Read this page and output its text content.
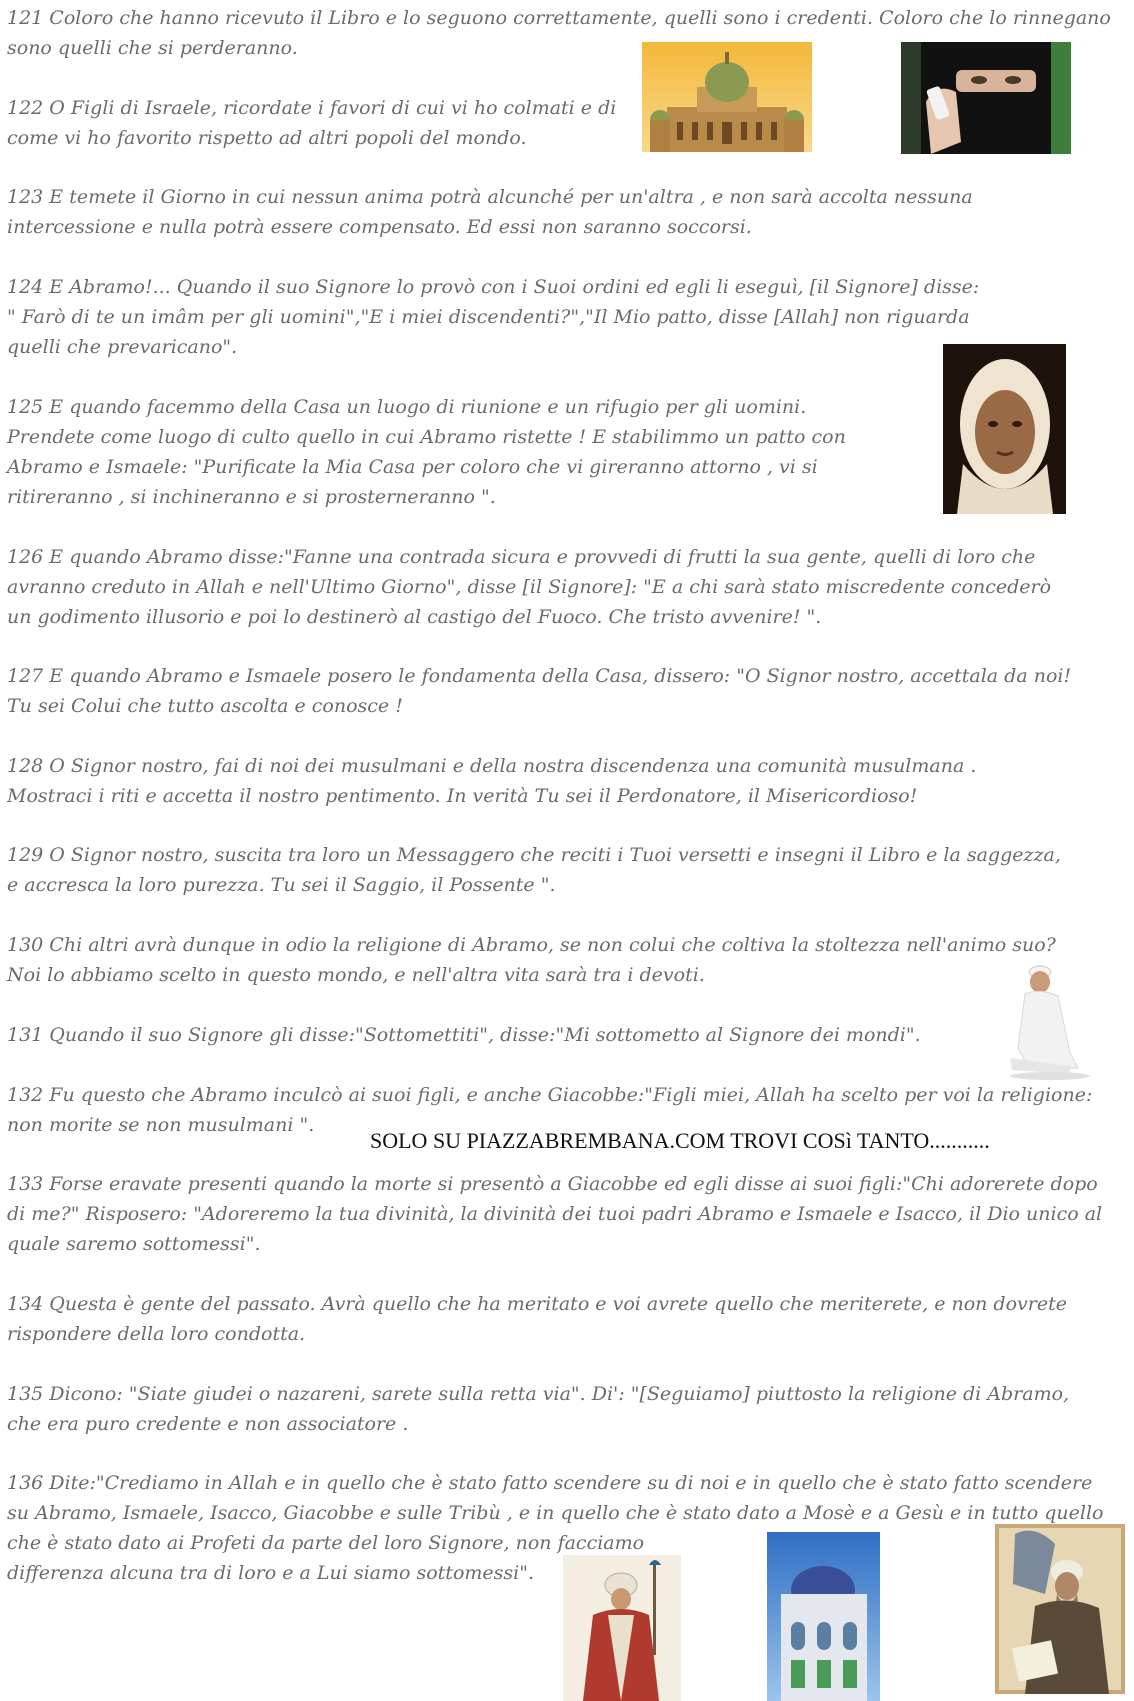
121 Coloro che hanno ricevuto il Libro e lo seguono correttamente, quelli sono i credenti. Coloro che lo rinnegano
sono quelli che si perderanno.

122 O Figli di Israele, ricordate i favori di cui vi ho colmati e di
come vi ho favorito rispetto ad altri popoli del mondo.

123 E temete il Giorno in cui nessun anima potrà alcunché per un'altra , e non sarà accolta nessuna
intercessione e nulla potrà essere compensato. Ed essi non saranno soccorsi.

124 E Abramo!... Quando il suo Signore lo provò con i Suoi ordini ed egli li eseguì, [il Signore] disse:
" Farò di te un imâm per gli uomini","E i miei discendenti?","Il Mio patto, disse [Allah] non riguarda
quelli che prevaricano".

125 E quando facemmo della Casa un luogo di riunione e un rifugio per gli uomini.
Prendete come luogo di culto quello in cui Abramo ristette ! E stabilimmo un patto con
Abramo e Ismaele: "Purificate la Mia Casa per coloro che vi gireranno attorno , vi si
ritireranno , si inchineranno e si prosterneranno ".

126 E quando Abramo disse:"Fanne una contrada sicura e provvedi di frutti la sua gente, quelli di loro che
avranno creduto in Allah e nell'Ultimo Giorno", disse [il Signore]: "E a chi sarà stato miscredente concederò
un godimento illusorio e poi lo destinerò al castigo del Fuoco. Che tristo avvenire! ".

127 E quando Abramo e Ismaele posero le fondamenta della Casa, dissero: "O Signor nostro, accettala da noi!
Tu sei Colui che tutto ascolta e conosce !

128 O Signor nostro, fai di noi dei musulmani e della nostra discendenza una comunità musulmana .
Mostraci i riti e accetta il nostro pentimento. In verità Tu sei il Perdonatore, il Misericordioso!

129 O Signor nostro, suscita tra loro un Messaggero che reciti i Tuoi versetti e insegni il Libro e la saggezza,
e accresca la loro purezza. Tu sei il Saggio, il Possente ".

130 Chi altri avrà dunque in odio la religione di Abramo, se non colui che coltiva la stoltezza nell'animo suo?
Noi lo abbiamo scelto in questo mondo, e nell'altra vita sarà tra i devoti.

131 Quando il suo Signore gli disse:"Sottomettiti", disse:"Mi sottometto al Signore dei mondi".

132 Fu questo che Abramo inculcò ai suoi figli, e anche Giacobbe:"Figli miei, Allah ha scelto per voi la religione:
non morite se non musulmani ".

133 Forse eravate presenti quando la morte si presentò a Giacobbe ed egli disse ai suoi figli:"Chi adorerete dopo
di me?" Risposero: "Adoreremo la tua divinità, la divinità dei tuoi padri Abramo e Ismaele e Isacco, il Dio unico al
quale saremo sottomessi".

134 Questa è gente del passato. Avrà quello che ha meritato e voi avrete quello che meriterete, e non dovrete
rispondere della loro condotta.

135 Dicono: "Siate giudei o nazareni, sarete sulla retta via". Di': "[Seguiamo] piuttosto la religione di Abramo,
che era puro credente e non associatore .

136 Dite:"Crediamo in Allah e in quello che è stato fatto scendere su di noi e in quello che è stato fatto scendere
su Abramo, Ismaele, Isacco, Giacobbe e sulle Tribù , e in quello che è stato dato a Mosè e a Gesù e in tutto quello
che è stato dato ai Profeti da parte del loro Signore, non facciamo
differenza alcuna tra di loro e a Lui siamo sottomessi".

SOLO SU PIAZZABREMBANA.COM TROVI COSì TANTO...........
